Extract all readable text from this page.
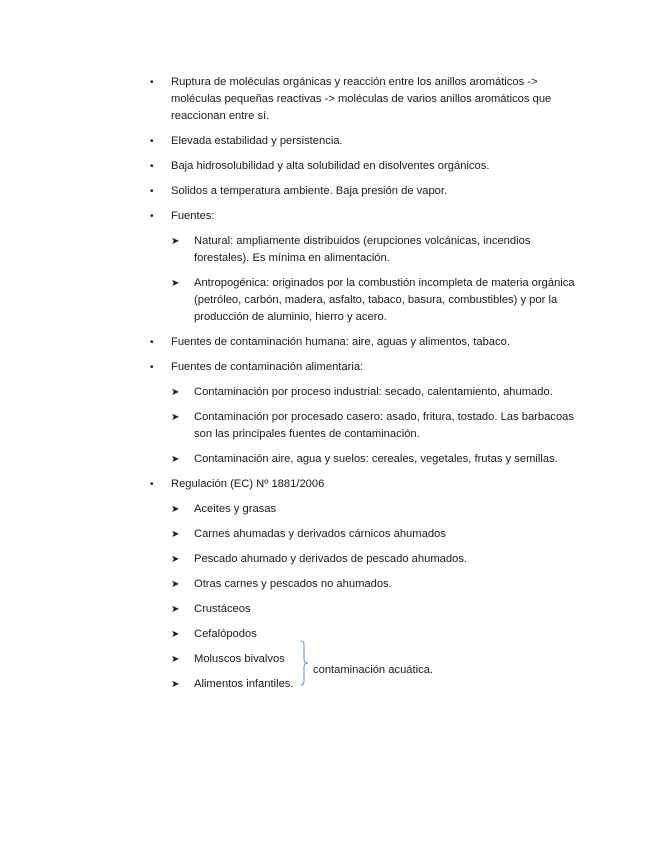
• Ruptura de moléculas orgánicas y reacción entre los anillos aromáticos -> moléculas pequeñas reactivas -> moléculas de varios anillos aromáticos que reaccionan entre sí.
• Elevada estabilidad y persistencia.
• Baja hidrosolubilidad y alta solubilidad en disolventes orgánicos.
• Solidos a temperatura ambiente. Baja presión de vapor.
• Fuentes:
➤ Natural: ampliamente distribuidos (erupciones volcánicas, incendios forestales). Es mínima en alimentación.
➤ Antropogénica: originados por la combustión incompleta de materia orgánica (petróleo, carbón, madera, asfalto, tabaco, basura, combustibles) y por la producción de aluminio, hierro y acero.
• Fuentes de contaminación humana: aire, aguas y alimentos, tabaco.
• Fuentes de contaminación alimentaria:
➤ Contaminación por proceso industrial: secado, calentamiento, ahumado.
➤ Contaminación por procesado casero: asado, fritura, tostado. Las barbacoas son las principales fuentes de contaminación.
➤ Contaminación aire, agua y suelos: cereales, vegetales, frutas y semillas.
• Regulación (EC) Nº 1881/2006
➤ Aceites y grasas
➤ Carnes ahumadas y derivados cárnicos ahumados
➤ Pescado ahumado y derivados de pescado ahumados.
➤ Otras carnes y pescados no ahumados.
➤ Crustáceos
➤ Cefalópodos
➤ Moluscos bivalvos
➤ Alimentos infantiles.
contaminación acuática.
